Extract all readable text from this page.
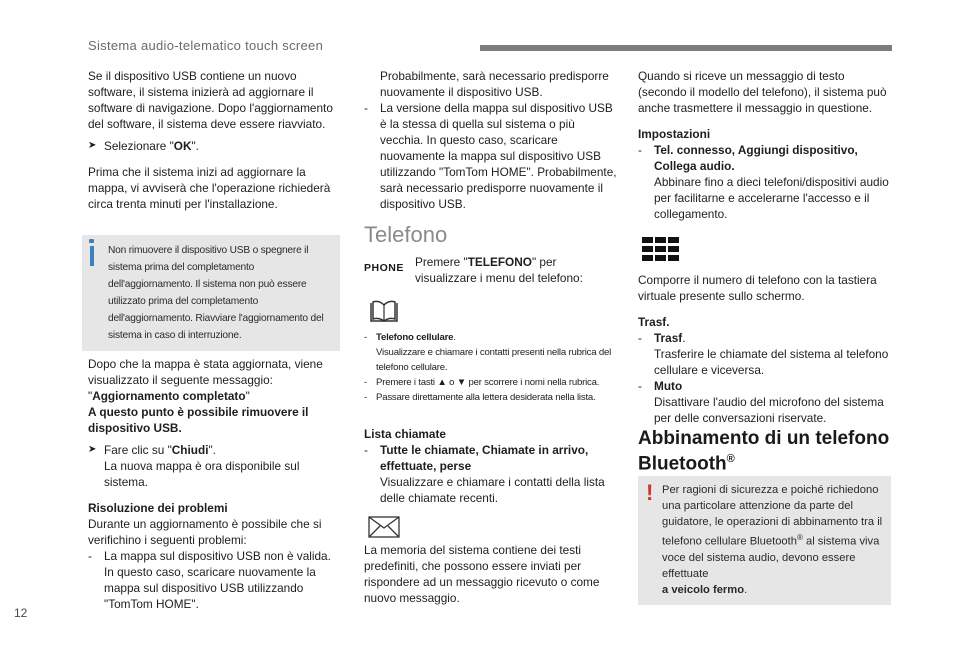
Sistema audio-telematico touch screen

Se il dispositivo USB contiene un nuovo software, il sistema inizierà ad aggiornare il software di navigazione. Dopo l'aggiornamento del software, il sistema deve essere riavviato.

➤ Selezionare "OK".

Prima che il sistema inizi ad aggiornare la mappa, vi avviserà che l'operazione richiederà circa trenta minuti per l'installazione.

Non rimuovere il dispositivo USB o spegnere il sistema prima del completamento dell'aggiornamento. Il sistema non può essere utilizzato prima del completamento dell'aggiornamento. Riavviare l'aggiornamento del sistema in caso di interruzione.

Dopo che la mappa è stata aggiornata, viene visualizzato il seguente messaggio:

"Aggiornamento completato"

A questo punto è possibile rimuovere il dispositivo USB.

➤ Fare clic su "Chiudi".

La nuova mappa è ora disponibile sul sistema.

Risoluzione dei problemi

Durante un aggiornamento è possibile che si verifichino i seguenti problemi:

-	La mappa sul dispositivo USB non è valida.
In questo caso, scaricare nuovamente la mappa sul dispositivo USB utilizzando "TomTom HOME".

Probabilmente, sarà necessario predisporre nuovamente il dispositivo USB.

-	La versione della mappa sul dispositivo USB è la stessa di quella sul sistema o più vecchia. In questo caso, scaricare nuovamente la mappa sul dispositivo USB utilizzando "TomTom HOME". Probabilmente, sarà necessario predisporre nuovamente il dispositivo USB.
Telefono
PHONE Premere "TELEFONO" per visualizzare i menu del telefono:

- Telefono cellulare.
Visualizzare e chiamare i contatti presenti nella rubrica del telefono cellulare.
- Premere i tasti ▲ o ▼ per scorrere i nomi nella rubrica.
- Passare direttamente alla lettera desiderata nella lista.

Lista chiamate

-	Tutte le chiamate, Chiamate in arrivo, effettuate, perse
Visualizzare e chiamare i contatti della lista delle chiamate recenti.

La memoria del sistema contiene dei testi predefiniti, che possono essere inviati per rispondere ad un messaggio ricevuto o come nuovo messaggio.

Quando si riceve un messaggio di testo (secondo il modello del telefono), il sistema può anche trasmettere il messaggio in questione.

Impostazioni

-	Tel. connesso, Aggiungi dispositivo, Collega audio.
Abbinare fino a dieci telefoni/dispositivi audio per facilitarne e accelerarne l'accesso e il collegamento.

Comporre il numero di telefono con la tastiera virtuale presente sullo schermo.

Trasf.

-	Trasf.
Trasferire le chiamate del sistema al telefono cellulare e viceversa.
-	Muto
Disattivare l'audio del microfono del sistema per delle conversazioni riservate.
Abbinamento di un telefono
Bluetooth®
! Per ragioni di sicurezza e poiché richiedono una particolare attenzione da parte del guidatore, le operazioni di abbinamento tra il telefono cellulare Bluetooth® al sistema viva voce del sistema audio, devono essere effettuate
a veicolo fermo.
12
